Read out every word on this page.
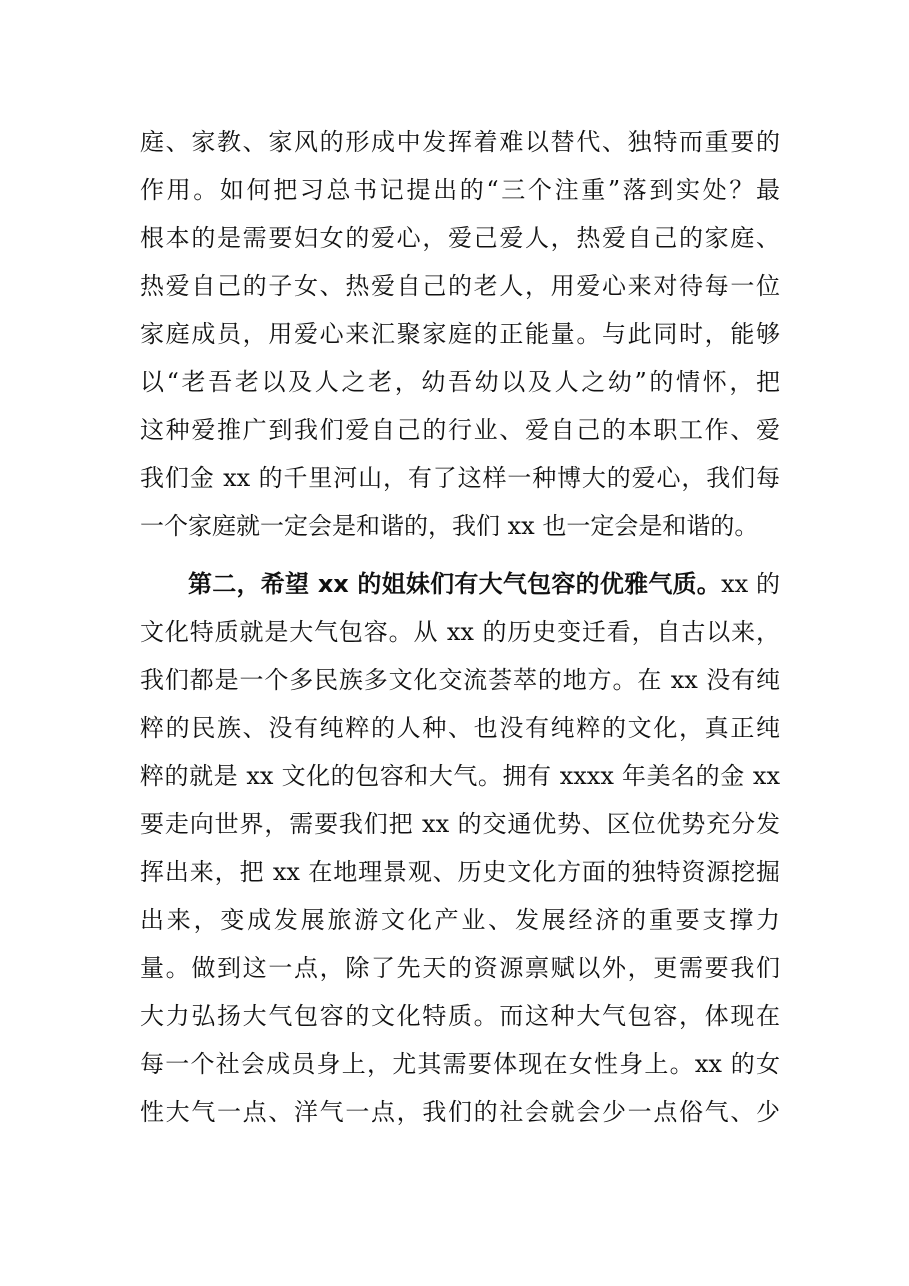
庭、家教、家风的形成中发挥着难以替代、独特而重要的
作用。如何把习总书记提出的“三个注重”落到实处？最
根本的是需要妇女的爱心，爱己爱人，热爱自己的家庭、
热爱自己的子女、热爱自己的老人，用爱心来对待每一位
家庭成员，用爱心来汇聚家庭的正能量。与此同时，能够
以“老吾老以及人之老，幼吾幼以及人之幼”的情怀，把
这种爱推广到我们爱自己的行业、爱自己的本职工作、爱
我们金 xx 的千里河山，有了这样一种博大的爱心，我们每
一个家庭就一定会是和谐的，我们 xx 也一定会是和谐的。
第二，希望 xx 的姐妹们有大气包容的优雅气质。xx 的
文化特质就是大气包容。从 xx 的历史变迁看，自古以来，
我们都是一个多民族多文化交流荟萃的地方。在 xx 没有纯
粹的民族、没有纯粹的人种、也没有纯粹的文化，真正纯
粹的就是 xx 文化的包容和大气。拥有 xxxx 年美名的金 xx
要走向世界，需要我们把 xx 的交通优势、区位优势充分发
挥出来，把 xx 在地理景观、历史文化方面的独特资源挖掘
出来，变成发展旅游文化产业、发展经济的重要支撑力
量。做到这一点，除了先天的资源禀赋以外，更需要我们
大力弘扬大气包容的文化特质。而这种大气包容，体现在
每一个社会成员身上，尤其需要体现在女性身上。xx 的女
性大气一点、洋气一点，我们的社会就会少一点俗气、少
